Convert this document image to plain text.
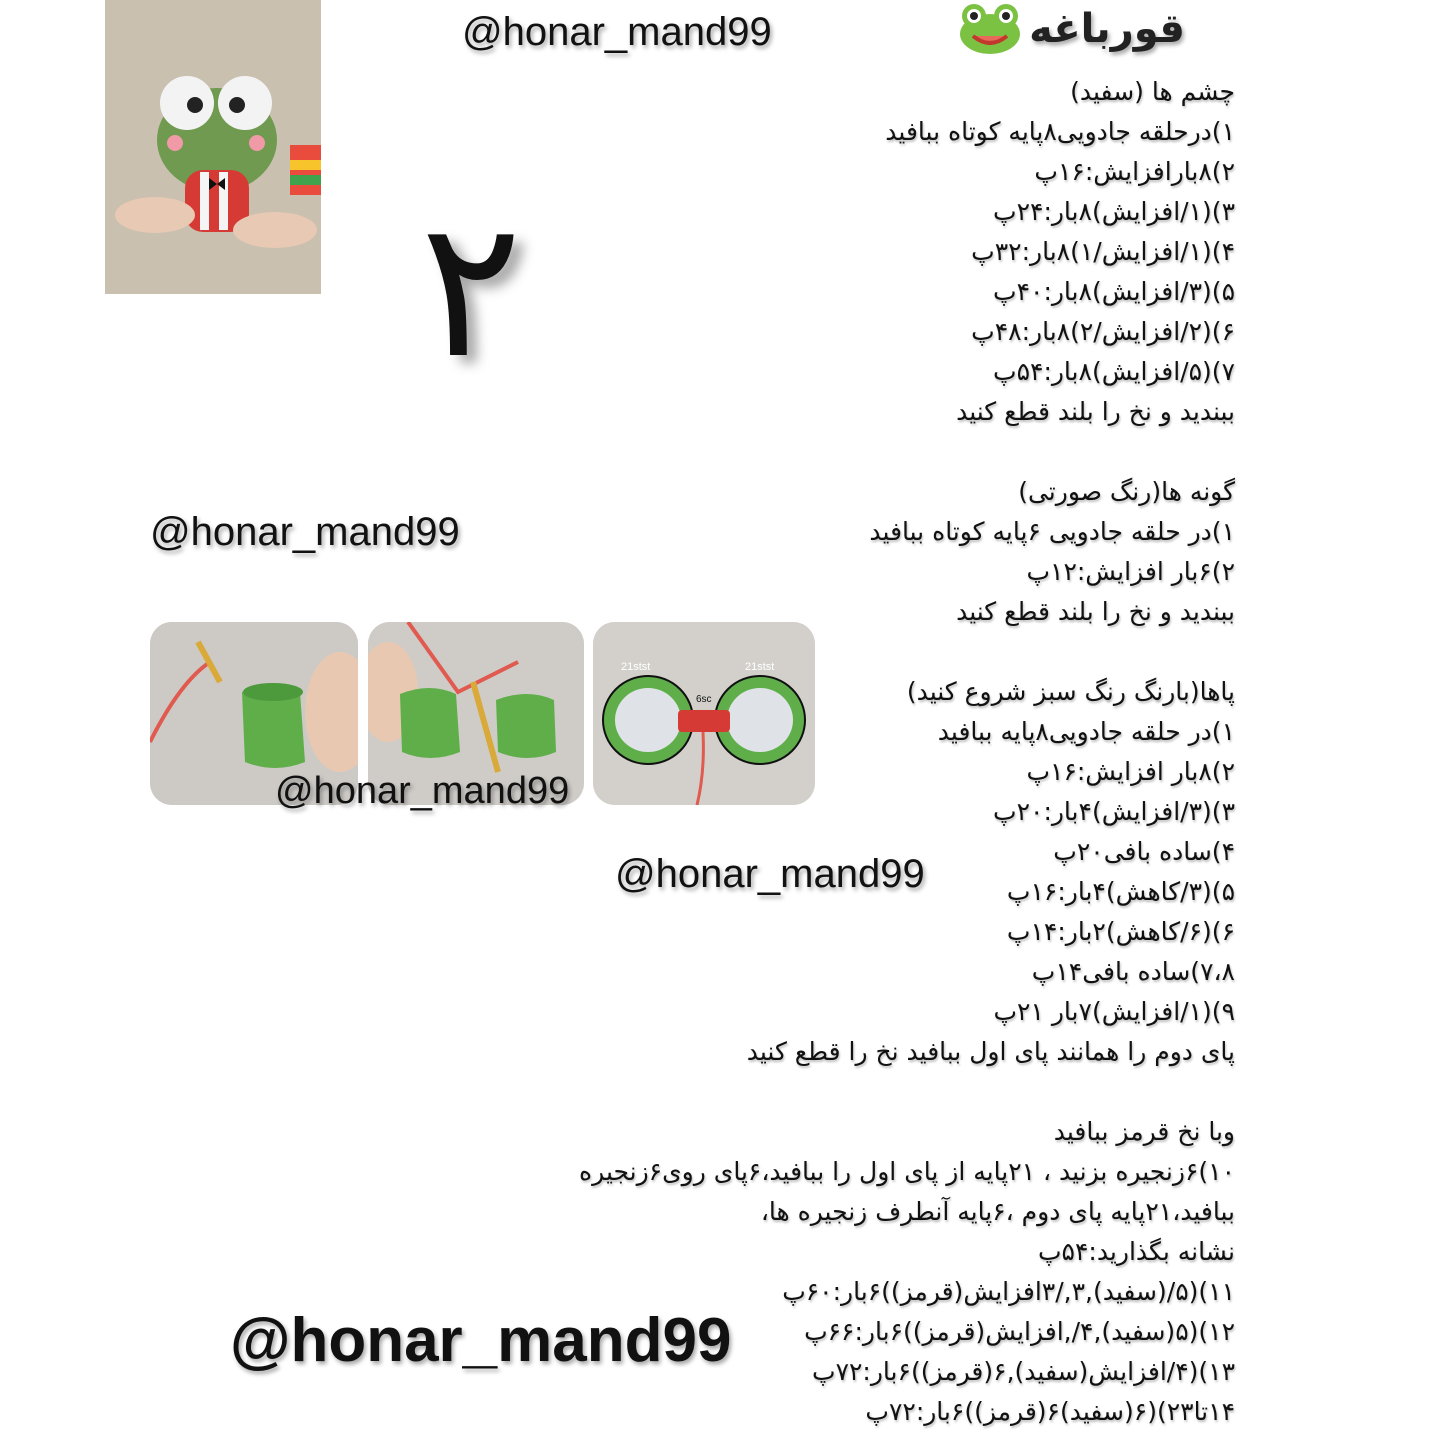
@honar_mand99	قورباغه
۲
@honar_mand99
21stst	21stst
6sc
@honar_mand99
@honar_mand99
@honar_mand99
چشم ها (سفید)
۱)درحلقه جادویی۸پایه کوتاه ببافید
۲)۸بارافزایش:۱۶پ
۳)(۱/افزایش)۸بار:۲۴پ
۴)(۱/افزایش/۱)۸بار:۳۲پ
۵)(۳/افزایش)۸بار:۴۰پ
۶)(۲/افزایش/۲)۸بار:۴۸پ
۷)(۵/افزایش)۸بار:۵۴پ
ببندید و نخ را بلند قطع کنید
گونه ها(رنگ صورتی)
۱)در حلقه جادویی ۶پایه کوتاه ببافید
۲)۶بار افزایش:۱۲پ
ببندید و نخ را بلند قطع کنید
پاها(بارنگ رنگ سبز شروع کنید)
۱)در حلقه جادویی۸پایه ببافید
۲)۸بار افزایش:۱۶پ
۳)(۳/افزایش)۴بار:۲۰پ
۴)ساده بافی۲۰پ
۵)(۳/کاهش)۴بار:۱۶پ
۶)(۶/کاهش)۲بار:۱۴پ
۷،۸)ساده بافی۱۴پ
۹)(۱/افزایش)۷بار ۲۱پ
پای دوم را همانند پای اول ببافید نخ را قطع کنید
وبا نخ قرمز ببافید
۱۰)۶زنجیره بزنید ، ۲۱پایه از پای اول را ببافید،۶پای روی۶زنجیره
ببافید،۲۱پایه پای دوم ،۶پایه آنطرف زنجیره ها،
نشانه بگذارید:۵۴پ
۱۱)(۵/(سفید),۳,/۳افزایش(قرمز))۶بار:۶۰پ
۱۲)(۵(سفید),۴/,افزایش(قرمز))۶بار:۶۶پ
۱۳)(۴/افزایش(سفید),۶(قرمز))۶بار:۷۲پ
۱۴تا۲۳)(۶(سفید)۶(قرمز))۶بار:۷۲پ
